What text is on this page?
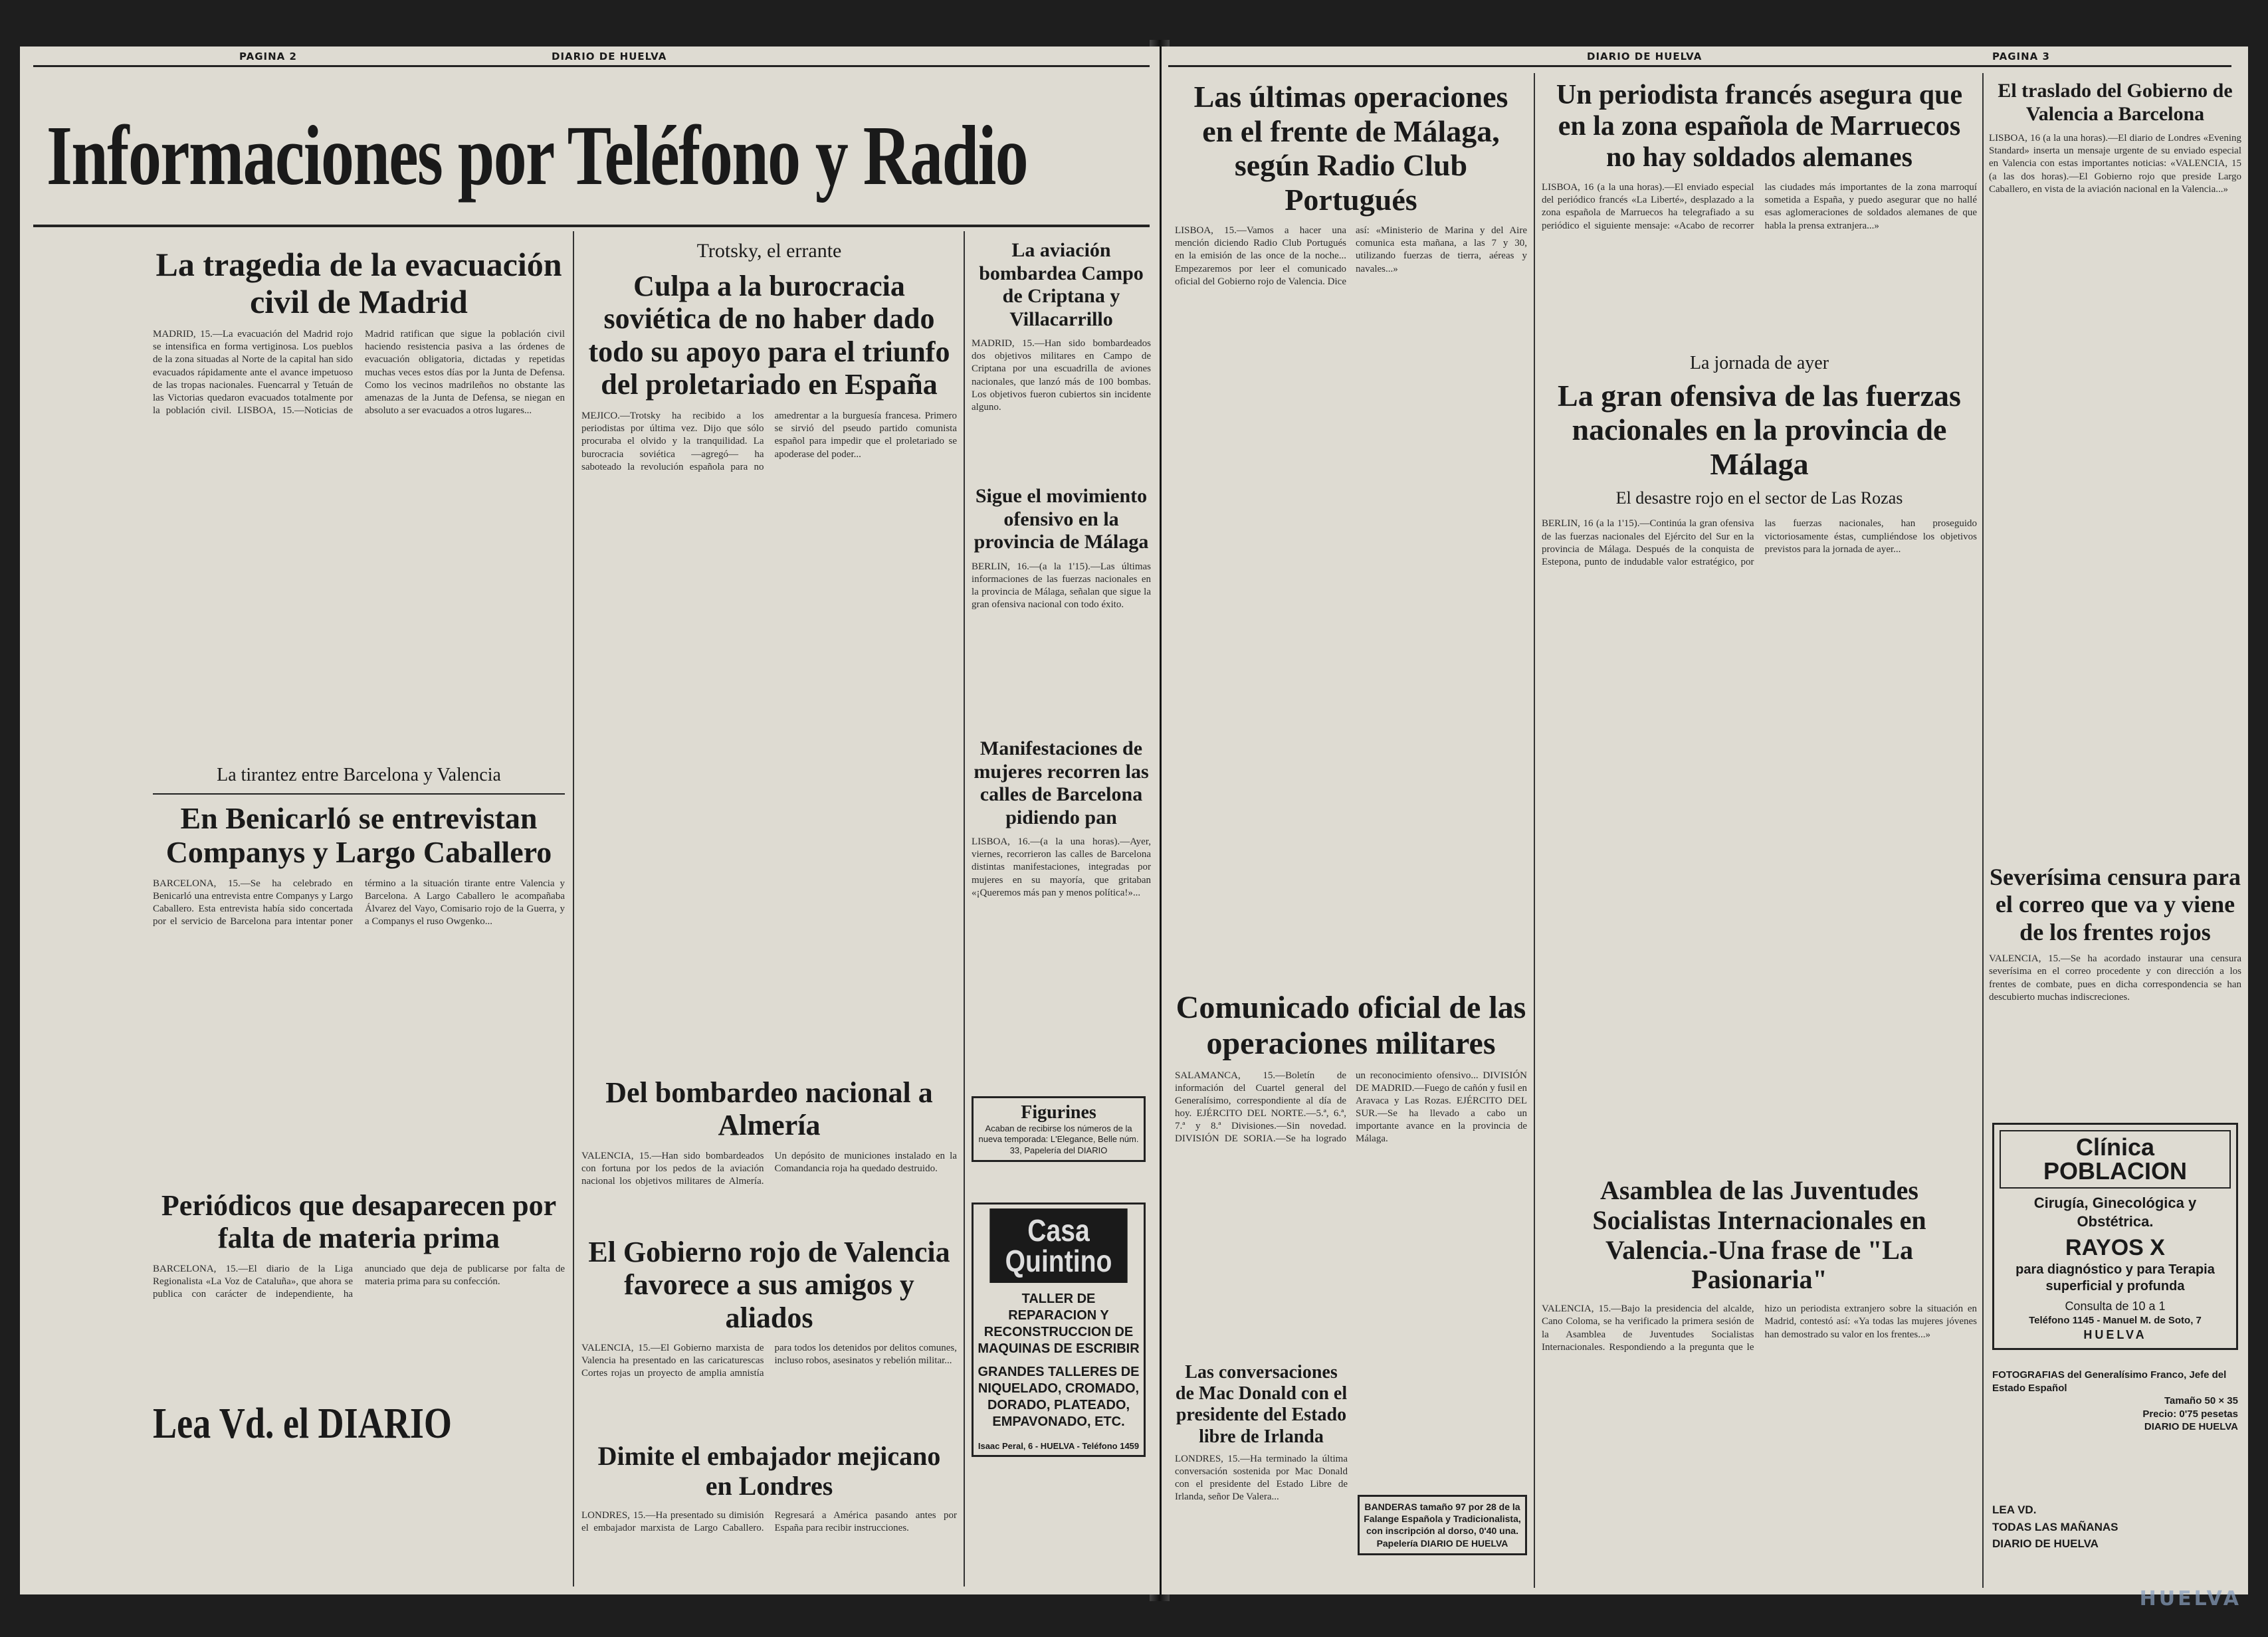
PAGINA 2	DIARIO DE HUELVA
Informaciones por Teléfono y Radio
La tragedia de la evacuación civil de Madrid
MADRID, 15.—La evacuación del Madrid rojo se intensifica en forma vertiginosa. Los pueblos de la zona situadas al Norte de la capital han sido evacuados rápidamente ante el avance impetuoso de las tropas nacionales. Fuencarral y Tetuán de las Victorias quedaron evacuados totalmente por la población civil. LISBOA, 15.—Noticias de Madrid ratifican que sigue la población civil haciendo resistencia pasiva a las órdenes de evacuación obligatoria, dictadas y repetidas muchas veces estos días por la Junta de Defensa. Como los vecinos madrileños no obstante las amenazas de la Junta de Defensa, se niegan en absoluto a ser evacuados a otros lugares...
La tirantez entre Barcelona y Valencia
En Benicarló se entrevistan Companys y Largo Caballero
BARCELONA, 15.—Se ha celebrado en Benicarló una entrevista entre Companys y Largo Caballero. Esta entrevista había sido concertada por el servicio de Barcelona para intentar poner término a la situación tirante entre Valencia y Barcelona. A Largo Caballero le acompañaba Álvarez del Vayo, Comisario rojo de la Guerra, y a Companys el ruso Owgenko...
Periódicos que desaparecen por falta de materia prima
BARCELONA, 15.—El diario de la Liga Regionalista «La Voz de Cataluña», que ahora se publica con carácter de independiente, ha anunciado que deja de publicarse por falta de materia prima para su confección.
Lea Vd. el DIARIO
Trotsky, el errante
Culpa a la burocracia soviética de no haber dado todo su apoyo para el triunfo del proletariado en España
MEJICO.—Trotsky ha recibido a los periodistas por última vez. Dijo que sólo procuraba el olvido y la tranquilidad. La burocracia soviética —agregó— ha saboteado la revolución española para no amedrentar a la burguesía francesa. Primero se sirvió del pseudo partido comunista español para impedir que el proletariado se apoderase del poder...
Del bombardeo nacional a Almería
VALENCIA, 15.—Han sido bombardeados con fortuna por los pedos de la aviación nacional los objetivos militares de Almería. Un depósito de municiones instalado en la Comandancia roja ha quedado destruido.
El Gobierno rojo de Valencia favorece a sus amigos y aliados
VALENCIA, 15.—El Gobierno marxista de Valencia ha presentado en las caricaturescas Cortes rojas un proyecto de amplia amnistía para todos los detenidos por delitos comunes, incluso robos, asesinatos y rebelión militar...
Dimite el embajador mejicano en Londres
LONDRES, 15.—Ha presentado su dimisión el embajador marxista de Largo Caballero. Regresará a América pasando antes por España para recibir instrucciones.
La aviación bombardea Campo de Criptana y Villacarrillo
MADRID, 15.—Han sido bombardeados dos objetivos militares en Campo de Criptana por una escuadrilla de aviones nacionales, que lanzó más de 100 bombas. Los objetivos fueron cubiertos sin incidente alguno.
Sigue el movimiento ofensivo en la provincia de Málaga
BERLIN, 16.—(a la 1'15).—Las últimas informaciones de las fuerzas nacionales en la provincia de Málaga, señalan que sigue la gran ofensiva nacional con todo éxito.
Manifestaciones de mujeres recorren las calles de Barcelona pidiendo pan
LISBOA, 16.—(a la una horas).—Ayer, viernes, recorrieron las calles de Barcelona distintas manifestaciones, integradas por mujeres en su mayoría, que gritaban «¡Queremos más pan y menos política!»...
Figurines
Acaban de recibirse los números de la nueva temporada: L'Elegance, Belle núm. 33, Papelería del DIARIO
Casa Quintino
TALLER DE REPARACION Y RECONSTRUCCION DE MAQUINAS DE ESCRIBIR
GRANDES TALLERES DE NIQUELADO, CROMADO, DORADO, PLATEADO, EMPAVONADO, ETC.
Isaac Peral, 6 - HUELVA - Teléfono 1459
DIARIO DE HUELVA	PAGINA 3
Las últimas operaciones en el frente de Málaga, según Radio Club Portugués
LISBOA, 15.—Vamos a hacer una mención diciendo Radio Club Portugués en la emisión de las once de la noche... Empezaremos por leer el comunicado oficial del Gobierno rojo de Valencia. Dice así: «Ministerio de Marina y del Aire comunica esta mañana, a las 7 y 30, utilizando fuerzas de tierra, aéreas y navales...»
Comunicado oficial de las operaciones militares
SALAMANCA, 15.—Boletín de información del Cuartel general del Generalísimo, correspondiente al día de hoy. EJÉRCITO DEL NORTE.—5.ª, 6.ª, 7.ª y 8.ª Divisiones.—Sin novedad. DIVISIÓN DE SORIA.—Se ha logrado un reconocimiento ofensivo... DIVISIÓN DE MADRID.—Fuego de cañón y fusil en Aravaca y Las Rozas. EJÉRCITO DEL SUR.—Se ha llevado a cabo un importante avance en la provincia de Málaga.
Las conversaciones de Mac Donald con el presidente del Estado libre de Irlanda
LONDRES, 15.—Ha terminado la última conversación sostenida por Mac Donald con el presidente del Estado Libre de Irlanda, señor De Valera...
BANDERAS tamaño 97 por 28 de la Falange Española y Tradicionalista, con inscripción al dorso, 0'40 una. Papelería DIARIO DE HUELVA
Un periodista francés asegura que en la zona española de Marruecos no hay soldados alemanes
LISBOA, 16 (a la una horas).—El enviado especial del periódico francés «La Liberté», desplazado a la zona española de Marruecos ha telegrafiado a su periódico el siguiente mensaje: «Acabo de recorrer las ciudades más importantes de la zona marroquí sometida a España, y puedo asegurar que no hallé esas aglomeraciones de soldados alemanes de que habla la prensa extranjera...»
La jornada de ayer
La gran ofensiva de las fuerzas nacionales en la provincia de Málaga
El desastre rojo en el sector de Las Rozas
BERLIN, 16 (a la 1'15).—Continúa la gran ofensiva de las fuerzas nacionales del Ejército del Sur en la provincia de Málaga. Después de la conquista de Estepona, punto de indudable valor estratégico, por las fuerzas nacionales, han proseguido victoriosamente éstas, cumpliéndose los objetivos previstos para la jornada de ayer...
Asamblea de las Juventudes Socialistas Internacionales en Valencia.-Una frase de "La Pasionaria"
VALENCIA, 15.—Bajo la presidencia del alcalde, Cano Coloma, se ha verificado la primera sesión de la Asamblea de Juventudes Socialistas Internacionales. Respondiendo a la pregunta que le hizo un periodista extranjero sobre la situación en Madrid, contestó así: «Ya todas las mujeres jóvenes han demostrado su valor en los frentes...»
El traslado del Gobierno de Valencia a Barcelona
LISBOA, 16 (a la una horas).—El diario de Londres «Evening Standard» inserta un mensaje urgente de su enviado especial en Valencia con estas importantes noticias: «VALENCIA, 15 (a las dos horas).—El Gobierno rojo que preside Largo Caballero, en vista de la aviación nacional en la Valencia...»
Severísima censura para el correo que va y viene de los frentes rojos
VALENCIA, 15.—Se ha acordado instaurar una censura severísima en el correo procedente y con dirección a los frentes de combate, pues en dicha correspondencia se han descubierto muchas indiscreciones.
Clínica POBLACION
Cirugía, Ginecológica y Obstétrica.
RAYOS X
para diagnóstico y para Terapia superficial y profunda
Consulta de 10 a 1
Teléfono 1145 - Manuel M. de Soto, 7
HUELVA
FOTOGRAFIAS del Generalísimo Franco, Jefe del Estado Español
Tamaño 50 × 35
Precio: 0'75 pesetas
DIARIO DE HUELVA
LEA VD.
TODAS LAS MAÑANAS
DIARIO DE HUELVA
HUELVA
